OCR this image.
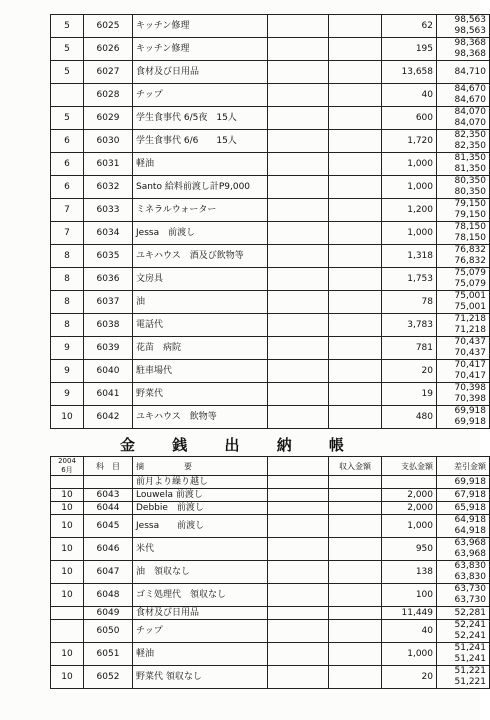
5	6025	キッチン修理			62	98,563
98,563

5	6026	キッチン修理			195	98,368
98,368

5	6027	食材及び日用品			13,658	84,710

	6028	チップ			40	84,670
84,670

5	6029	学生食事代 6/5夜　15人			600	84,070
84,070

6	6030	学生食事代 6/6　　15人			1,720	82,350
82,350

6	6031	軽油			1,000	81,350
81,350

6	6032	Santo 給料前渡し計P9,000			1,000	80,350
80,350

7	6033	ミネラルウォーター			1,200	79,150
79,150

7	6034	Jessa　前渡し			1,000	78,150
78,150

8	6035	ユキハウス　酒及び飲物等			1,318	76,832
76,832

8	6036	文房具			1,753	75,079
75,079

8	6037	油			78	75,001
75,001

8	6038	電話代			3,783	71,218
71,218

9	6039	花苗　病院			781	70,437
70,437

9	6040	駐車場代			20	70,417
70,417

9	6041	野菜代			19	70,398
70,398

10	6042	ユキハウス　飲物等			480	69,918
69,918
金 銭 出 納 帳
2004
6月	科　目	摘　　　　　要		収入金額	支払金額	差引金額
		前月より繰り越し				69,918

10	6043	Louwela 前渡し			2,000	67,918

10	6044	Debbie　前渡し			2,000	65,918

10	6045	Jessa　　前渡し			1,000	64,918
64,918

10	6046	米代			950	63,968
63,968

10	6047	油　領収なし			138	63,830
63,830

10	6048	ゴミ処理代　領収なし			100	63,730
63,730

	6049	食材及び日用品			11,449	52,281

	6050	チップ			40	52,241
52,241

10	6051	軽油			1,000	51,241
51,241

10	6052	野菜代 領収なし			20	51,221
51,221
